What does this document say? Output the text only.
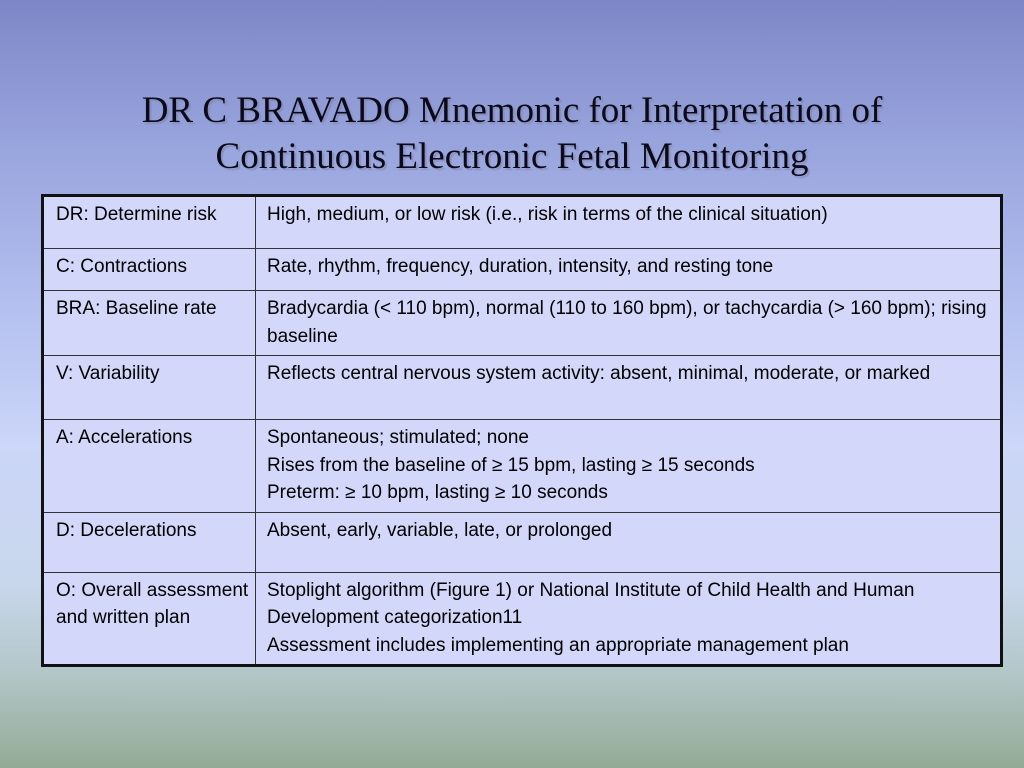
DR C BRAVADO Mnemonic for Interpretation of
Continuous Electronic Fetal Monitoring
DR: Determine risk	High, medium, or low risk (i.e., risk in terms of the clinical situation)

C: Contractions	Rate, rhythm, frequency, duration, intensity, and resting tone

BRA: Baseline rate	Bradycardia (< 110 bpm), normal (110 to 160 bpm), or tachycardia (> 160 bpm); rising baseline

V: Variability	Reflects central nervous system activity: absent, minimal, moderate, or marked

A: Accelerations	Spontaneous; stimulated; none
Rises from the baseline of ≥ 15 bpm, lasting ≥ 15 seconds
Preterm: ≥ 10 bpm, lasting ≥ 10 seconds

D: Decelerations	Absent, early, variable, late, or prolonged

O: Overall assessment and written plan	Stoplight algorithm (Figure 1) or National Institute of Child Health and Human Development categorization11
Assessment includes implementing an appropriate management plan
